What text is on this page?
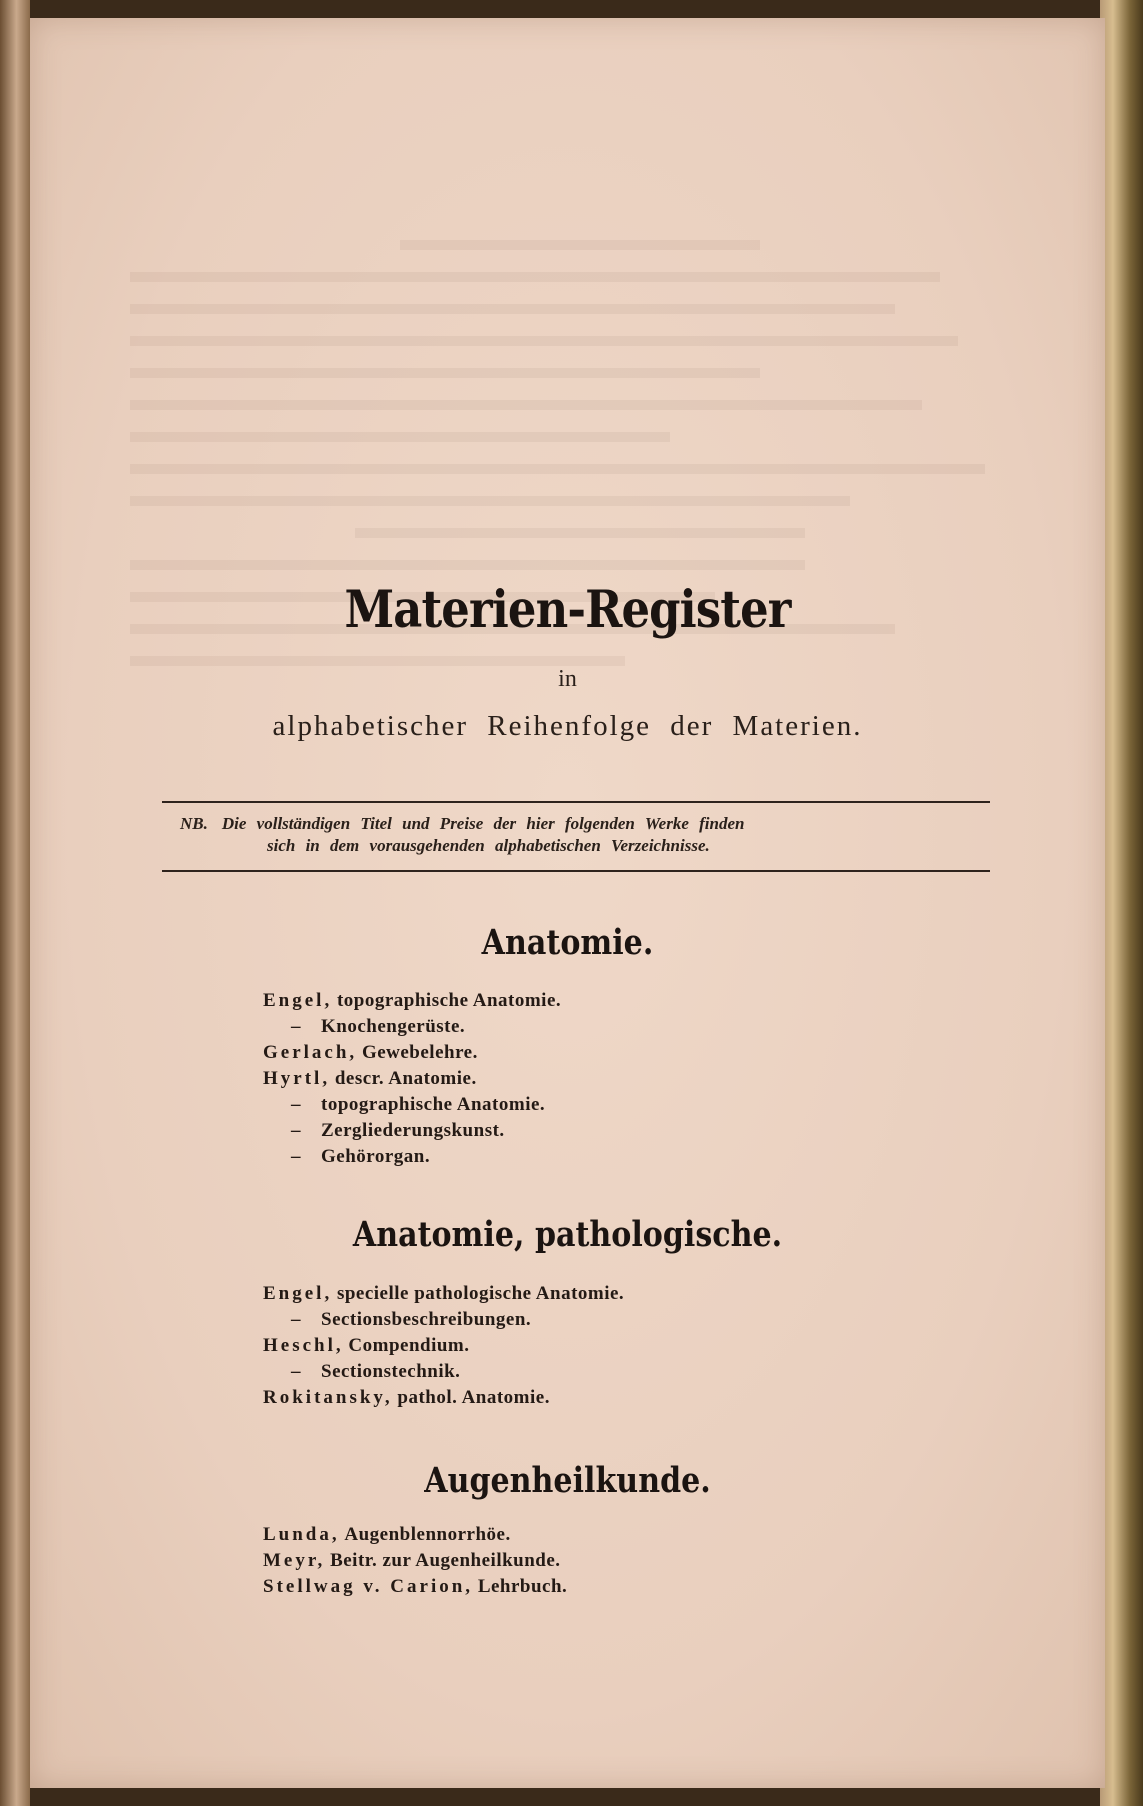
Materien-Register
in
alphabetischer Reihenfolge der Materien.
NB. Die vollständigen Titel und Preise der hier folgenden Werke finden
sich in dem vorausgehenden alphabetischen Verzeichnisse.
Anatomie.
Engel, topographische Anatomie.
– Knochengerüste.
Gerlach, Gewebelehre.
Hyrtl, descr. Anatomie.
– topographische Anatomie.
– Zergliederungskunst.
– Gehörorgan.
Anatomie, pathologische.
Engel, specielle pathologische Anatomie.
– Sectionsbeschreibungen.
Heschl, Compendium.
– Sectionstechnik.
Rokitansky, pathol. Anatomie.
Augenheilkunde.
Lunda, Augenblennorrhöe.
Meyr, Beitr. zur Augenheilkunde.
Stellwag v. Carion, Lehrbuch.
